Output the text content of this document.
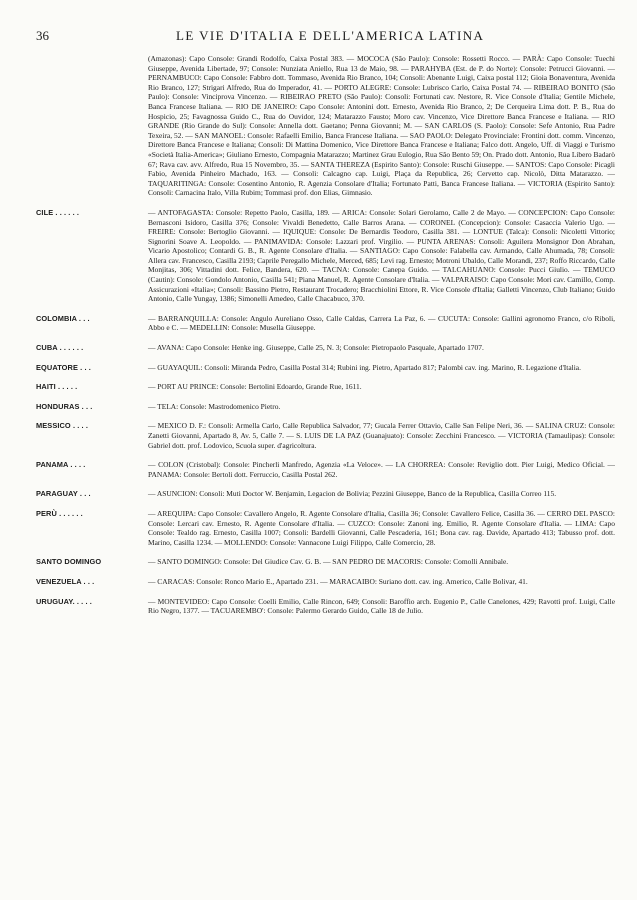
36	LE VIE D'ITALIA E DELL'AMERICA LATINA
(Amazonas): Capo Console: Grandi Rodolfo, Caixa Postal 383. — MOCOCA (São Paulo): Console: Rossetti Rocco. — PARÀ: Capo Console: Tuechi Giuseppe, Avenida Libertade, 97; Console: Nunziata Aniello, Rua 13 de Maio, 98. — PARAHYBA (Est. de P. do Norte): Console: Petrucci Giovanni. — PERNAMBUCO: Capo Console: Fabbro dott. Tommaso, Avenida Rio Branco, 104; Consoli: Abenante Luigi, Caixa postal 112; Gioia Bonaventura, Avenida Rio Branco, 127; Strigari Alfredo, Rua do Imperador, 41. — PORTO ALEGRE: Console: Lubrisco Carlo, Caixa Postal 74. — RIBEIRAO BONITO (São Paulo): Console: Vinciprova Vincenzo. — RIBEIRAO PRETO (São Paulo): Consoli: Fortunati cav. Nestore, R. Vice Console d'Italia; Gentile Michele, Banca Francese Italiana. — RIO DE JANEIRO: Capo Console: Antonini dott. Ernesto, Avenida Rio Branco, 2; De Cerqueira Lima dott. P. B., Rua do Hospicio, 25; Favagnossa Guido C., Rua do Ouvidor, 124; Matarazzo Fausto; Moro cav. Vincenzo, Vice Direttore Banca Francese e Italiana. — RIO GRANDE (Rio Grande do Sul): Console: Annella dott. Gaetano; Penna Giovanni; M. — SAN CARLOS (S. Paolo): Console: Sefe Antonio, Rua Padre Texeira, 52. — SAN MANOEL: Console: Rafaelli Emilio, Banca Francese Italiana. — SAO PAOLO: Delegato Provinciale: Frontini dott. comm. Vincenzo, Direttore Banca Francese e Italiana; Consoli: Di Mattina Domenico, Vice Direttore Banca Francese e Italiana; Falco dott. Angelo, Uff. di Viaggi e Turismo «Società Italia-America»; Giuliano Ernesto, Compagnia Matarazzo; Martinez Grau Eulogio, Rua São Bento 59; On. Prado dott. Antonio, Rua Libero Badarò 67; Rava cav. avv. Alfredo, Rua 15 Novembro, 35. — SANTA THEREZA (Espirito Santo): Console: Ruschi Giuseppe. — SANTOS: Capo Console: Picagli Fabio, Avenida Pinheiro Machado, 163. — Consoli: Calcagno cap. Luigi, Plaça da Republica, 26; Cervetto cap. Nicolò, Ditta Matarazzo. — TAQUARITINGA: Console: Cosentino Antonio, R. Agenzia Consolare d'Italia; Fortunato Patti, Banca Francese Italiana. — VICTORIA (Espirito Santo): Consoli: Carnacina Italo, Villa Rubim; Tommasi prof. don Elias, Gimnasio.
CILE . . . . . .	— ANTOFAGASTA: Console: Repetto Paolo, Casilla, 189. — ARICA: Console: Solari Gerolamo, Calle 2 de Mayo. — CONCEPCION: Capo Console: Bernasconi Isidoro, Casilla 376; Console: Vivaldi Benedetto, Calle Barros Arana. — CORONEL (Concepcion): Console: Casaccia Valerio Ugo. — FREIRE: Console: Bertoglio Giovanni. — IQUIQUE: Console: De Bernardis Teodoro, Casilla 381. — LONTUE (Talca): Consoli: Nicoletti Vittorio; Signorini Soave A. Leopoldo. — PANIMAVIDA: Console: Lazzari prof. Virgilio. — PUNTA ARENAS: Consoli: Aguilera Monsignor Don Abrahan, Vicario Apostolico; Contardi G. B., R. Agente Consolare d'Italia. — SANTIAGO: Capo Console: Falabella cav. Armando, Calle Ahumada, 78; Consoli: Allera cav. Francesco, Casilla 2193; Caprile Peregallo Michele, Merced, 685; Levi rag. Ernesto; Motroni Ubaldo, Calle Morandi, 237; Roffo Riccardo, Calle Monjitas, 306; Vittadini dott. Felice, Bandera, 620. — TACNA: Console: Canepa Guido. — TALCAHUANO: Console: Pucci Giulio. — TEMUCO (Cautin): Console: Gondolo Antonio, Casilla 541; Piana Manuel, R. Agente Consolare d'Italia. — VALPARAISO: Capo Console: Mori cav. Camillo, Comp. Assicurazioni «Italia»; Consoli: Bassino Pietro, Restaurant Trocadero; Bracchiolini Ettore, R. Vice Console d'Italia; Galletti Vincenzo, Club Italiano; Guido Antonio, Calle Yungay, 1386; Simonelli Amedeo, Calle Chacabuco, 370.
COLOMBIA . . .	— BARRANQUILLA: Console: Angulo Aureliano Osso, Calle Caldas, Carrera La Paz, 6. — CUCUTA: Console: Gallini agronomo Franco, c/o Riboli, Abbo e C. — MEDELLIN: Console: Musella Giuseppe.
CUBA . . . . . .	— AVANA: Capo Console: Henke ing. Giuseppe, Calle 25, N. 3; Console: Pietropaolo Pasquale, Apartado 1707.
EQUATORE . . .	— GUAYAQUIL: Consoli: Miranda Pedro, Casilla Postal 314; Rubini ing. Pietro, Apartado 817; Palombi cav. ing. Marino, R. Legazione d'Italia.
HAITI . . . . .	— PORT AU PRINCE: Console: Bertolini Edoardo, Grande Rue, 1611.
HONDURAS . . .	— TELA: Console: Mastrodomenico Pietro.
MESSICO . . . .	— MEXICO D. F.: Consoli: Armella Carlo, Calle Republica Salvador, 77; Gucala Ferrer Ottavio, Calle San Felipe Neri, 36. — SALINA CRUZ: Console: Zanetti Giovanni, Apartado 8, Av. 5, Calle 7. — S. LUIS DE LA PAZ (Guanajuato): Console: Zecchini Francesco. — VICTORIA (Tamaulipas): Console: Gabriel dott. prof. Lodovico, Scuola super. d'agricoltura.
PANAMA . . . .	— COLON (Cristobal): Console: Pincherli Manfredo, Agenzia «La Veloce». — LA CHORREA: Console: Reviglio dott. Pier Luigi, Medico Oficial. — PANAMA: Console: Bertoli dott. Ferruccio, Casilla Postal 262.
PARAGUAY . . .	— ASUNCION: Consoli: Muti Doctor W. Benjamin, Legacion de Bolivia; Pezzini Giuseppe, Banco de la Republica, Casilla Correo 115.
PERÙ . . . . . .	— AREQUIPA: Capo Console: Cavallero Angelo, R. Agente Consolare d'Italia, Casilla 36; Console: Cavallero Felice, Casilla 36. — CERRO DEL PASCO: Console: Lercari cav. Ernesto, R. Agente Consolare d'Italia. — CUZCO: Console: Zanoni ing. Emilio, R. Agente Consolare d'Italia. — LIMA: Capo Console: Tealdo rag. Ernesto, Casilla 1007; Consoli: Bardelli Giovanni, Calle Pescaderia, 161; Bona cav. rag. Davide, Apartado 413; Tabusso prof. dott. Marino, Casilla 1234. — MOLLENDO: Console: Vannacone Luigi Filippo, Calle Comercio, 28.
SANTO DOMINGO	— SANTO DOMINGO: Console: Del Giudice Cav. G. B. — SAN PEDRO DE MACORIS: Console: Comolli Annibale.
VENEZUELA . . .	— CARACAS: Console: Ronco Mario E., Apartado 231. — MARACAIBO: Suriano dott. cav. ing. Americo, Calle Bolivar, 41.
URUGUAY. . . . .	— MONTEVIDEO: Capo Console: Coelli Emilio, Calle Rincon, 649; Consoli: Baroffio arch. Eugenio P., Calle Canelones, 429; Ravotti prof. Luigi, Calle Rio Negro, 1377. — TACUAREMBO': Console: Palermo Gerardo Guido, Calle 18 de Julio.
